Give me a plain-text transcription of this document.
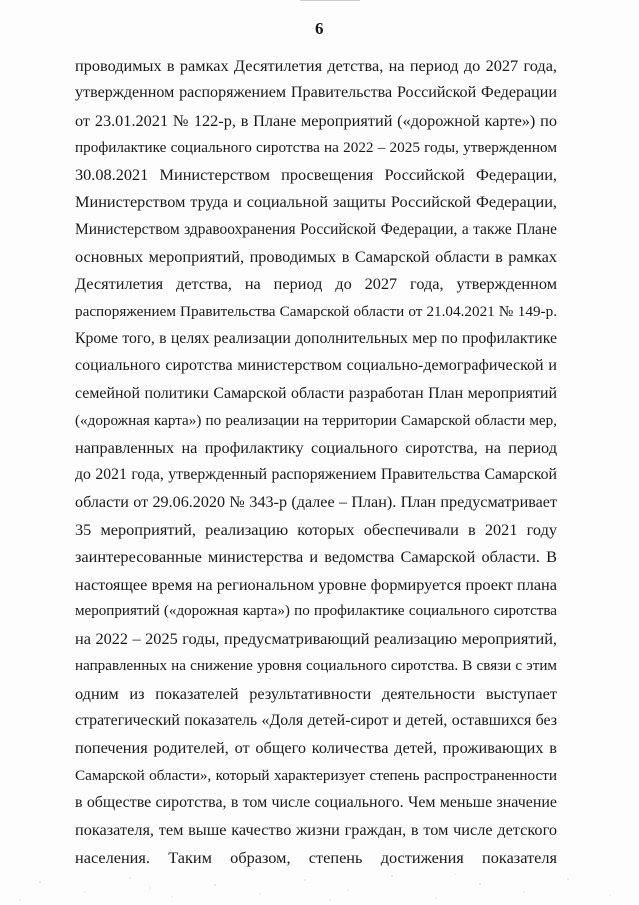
6
проводимых в рамках Десятилетия детства, на период до 2027 года,
утвержденном распоряжением Правительства Российской Федерации
от 23.01.2021 № 122-р, в Плане мероприятий («дорожной карте») по
профилактике социального сиротства на 2022 – 2025 годы, утвержденном
30.08.2021 Министерством просвещения Российской Федерации,
Министерством труда и социальной защиты Российской Федерации,
Министерством здравоохранения Российской Федерации, а также Плане
основных мероприятий, проводимых в Самарской области в рамках
Десятилетия детства, на период до 2027 года, утвержденном
распоряжением Правительства Самарской области от 21.04.2021 № 149-р.
Кроме того, в целях реализации дополнительных мер по профилактике
социального сиротства министерством социально-демографической и
семейной политики Самарской области разработан План мероприятий
(«дорожная карта») по реализации на территории Самарской области мер,
направленных на профилактику социального сиротства, на период
до 2021 года, утвержденный распоряжением Правительства Самарской
области от 29.06.2020 № 343-р (далее – План). План предусматривает
35 мероприятий, реализацию которых обеспечивали в 2021 году
заинтересованные министерства и ведомства Самарской области. В
настоящее время на региональном уровне формируется проект плана
мероприятий («дорожная карта») по профилактике социального сиротства
на 2022 – 2025 годы, предусматривающий реализацию мероприятий,
направленных на снижение уровня социального сиротства. В связи с этим
одним из показателей результативности деятельности выступает
стратегический показатель «Доля детей-сирот и детей, оставшихся без
попечения родителей, от общего количества детей, проживающих в
Самарской области», который характеризует степень распространенности
в обществе сиротства, в том числе социального. Чем меньше значение
показателя, тем выше качество жизни граждан, в том числе детского
населения. Таким образом, степень достижения показателя
